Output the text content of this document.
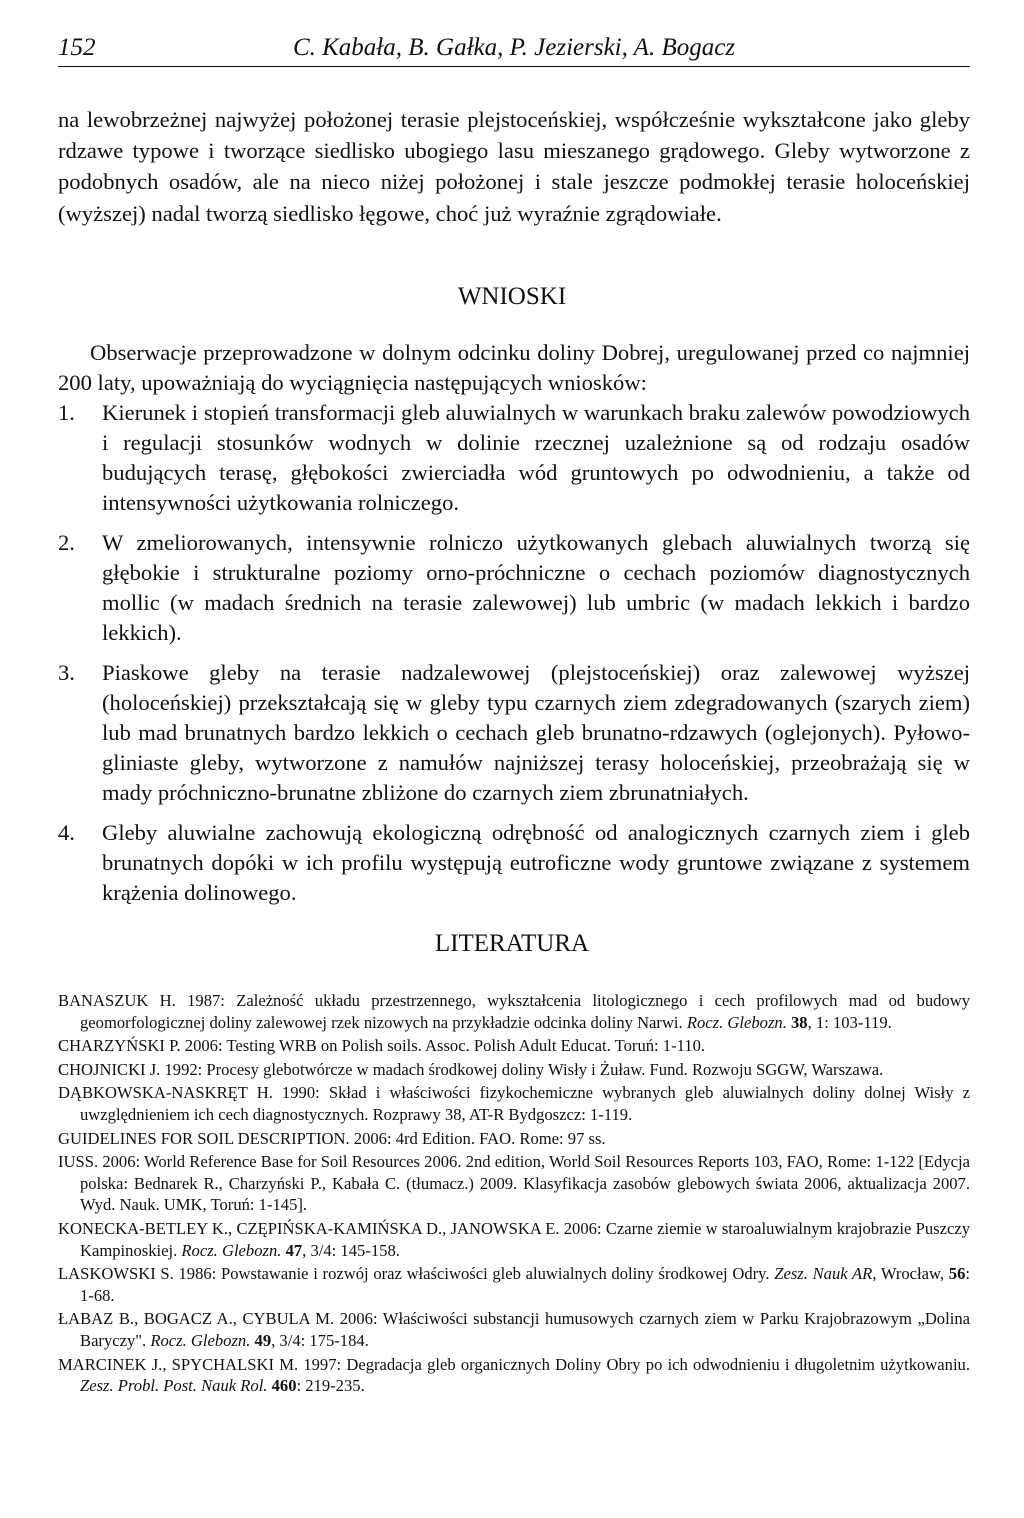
152	C. Kabała, B. Gałka, P. Jezierski, A. Bogacz

na lewobrzeżnej najwyżej położonej terasie plejstoceńskiej, współcześnie wykształcone jako gleby rdzawe typowe i tworzące siedlisko ubogiego lasu mieszanego grądowego. Gleby wytworzone z podobnych osadów, ale na nieco niżej położonej i stale jeszcze podmokłej terasie holoceńskiej (wyższej) nadal tworzą siedlisko łęgowe, choć już wyraźnie zgrądowiałe.

WNIOSKI

Obserwacje przeprowadzone w dolnym odcinku doliny Dobrej, uregulowanej przed co najmniej 200 laty, upoważniają do wyciągnięcia następujących wniosków:

1. Kierunek i stopień transformacji gleb aluwialnych w warunkach braku zalewów powodziowych i regulacji stosunków wodnych w dolinie rzecznej uzależnione są od rodzaju osadów budujących terasę, głębokości zwierciadła wód gruntowych po odwodnieniu, a także od intensywności użytkowania rolniczego.
2. W zmeliorowanych, intensywnie rolniczo użytkowanych glebach aluwialnych tworzą się głębokie i strukturalne poziomy orno-próchniczne o cechach poziomów diagnostycznych mollic (w madach średnich na terasie zalewowej) lub umbric (w madach lekkich i bardzo lekkich).
3. Piaskowe gleby na terasie nadzalewowej (plejstoceńskiej) oraz zalewowej wyższej (holoceńskiej) przekształcają się w gleby typu czarnych ziem zdegradowanych (szarych ziem) lub mad brunatnych bardzo lekkich o cechach gleb brunatno-rdzawych (oglejonych). Pyłowo-gliniaste gleby, wytworzone z namułów najniższej terasy holoceńskiej, przeobrażają się w mady próchniczno-brunatne zbliżone do czarnych ziem zbrunatniałych.
4. Gleby aluwialne zachowują ekologiczną odrębność od analogicznych czarnych ziem i gleb brunatnych dopóki w ich profilu występują eutroficzne wody gruntowe związane z systemem krążenia dolinowego.
LITERATURA
BANASZUK H. 1987: Zależność układu przestrzennego, wykształcenia litologicznego i cech profilowych mad od budowy geomorfologicznej doliny zalewowej rzek nizowych na przykładzie odcinka doliny Narwi. Rocz. Glebozn. 38, 1: 103-119.
CHARZYŃSKI P. 2006: Testing WRB on Polish soils. Assoc. Polish Adult Educat. Toruń: 1-110.
CHOJNICKI J. 1992: Procesy glebotwórcze w madach środkowej doliny Wisły i Żuław. Fund. Rozwoju SGGW, Warszawa.
DĄBKOWSKA-NASKRĘT H. 1990: Skład i właściwości fizykochemiczne wybranych gleb aluwialnych doliny dolnej Wisły z uwzględnieniem ich cech diagnostycznych. Rozprawy 38, AT-R Bydgoszcz: 1-119.
GUIDELINES FOR SOIL DESCRIPTION. 2006: 4rd Edition. FAO. Rome: 97 ss.
IUSS. 2006: World Reference Base for Soil Resources 2006. 2nd edition, World Soil Resources Reports 103, FAO, Rome: 1-122 [Edycja polska: Bednarek R., Charzyński P., Kabała C. (tłumacz.) 2009. Klasyfikacja zasobów glebowych świata 2006, aktualizacja 2007. Wyd. Nauk. UMK, Toruń: 1-145].
KONECKA-BETLEY K., CZĘPIŃSKA-KAMIŃSKA D., JANOWSKA E. 2006: Czarne ziemie w staroaluwialnym krajobrazie Puszczy Kampinoskiej. Rocz. Glebozn. 47, 3/4: 145-158.
LASKOWSKI S. 1986: Powstawanie i rozwój oraz właściwości gleb aluwialnych doliny środkowej Odry. Zesz. Nauk AR, Wrocław, 56: 1-68.
ŁABAZ B., BOGACZ A., CYBULA M. 2006: Właściwości substancji humusowych czarnych ziem w Parku Krajobrazowym „Dolina Baryczy". Rocz. Glebozn. 49, 3/4: 175-184.
MARCINEK J., SPYCHALSKI M. 1997: Degradacja gleb organicznych Doliny Obry po ich odwodnieniu i długoletnim użytkowaniu. Zesz. Probl. Post. Nauk Rol. 460: 219-235.
